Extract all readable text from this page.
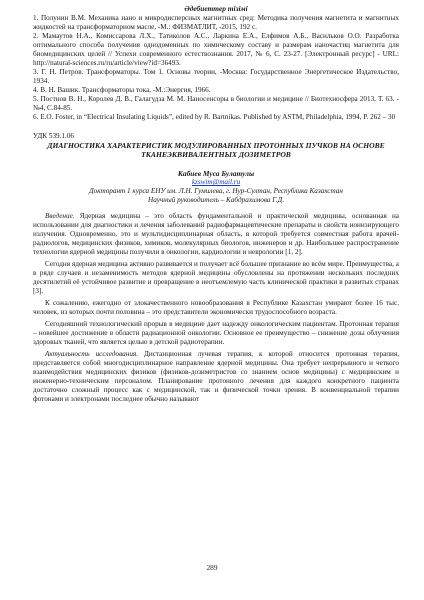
Әдебиеттер тізімі

1. Полунин В.М. Механика нано и микродисперсных магнитных сред: Методика получения магнетита и магнитных жидкостей на трансформаторном масле, -М.: ФИЗМАТЛИТ, -2015, 192 с.

2. Мамаутов Н.А., Комиссарова Л.Х., Татиколов А.С., Ларкина Е.А., Елфимов А.Б., Васильков О.О. Разработка оптимального способа получения однодоменных по химическому составу и размерам наночастиц магнетита для биомедицинских целей // Успехи современного естествознания. 2017, № 6, С. 23-27. [Электронный ресурс] - URL: http://natural-sciences.ru/ru/article/view?id=36493.

3. Г. Н. Петров. Трансформаторы. Том 1. Основы теории, -Москва: Государственное Энергетическое Издательство, 1934.

4. В. Н. Вашик. Трансформаторы тока, -М.:Энергия, 1966.

5. Постнов В. Н., Королев Д. В., Галагудза М. М. Наносенсоры в биологии и медицине // Биотехносфера 2013, Т. 63. -№4, С.84-85.

6. E.O. Foster, in “Electrical Insulating Liquids”, edited by R. Bartnikas. Published by ASTM, Philadelphia, 1994, P. 262 – 30

УДК 539.1.06
ДИАГНОСТИКА ХАРАКТЕРИСТИК МОДУЛИРОВАННЫХ ПРОТОННЫХ ПУЧКОВ НА ОСНОВЕ ТКАНЕЭКВИВАЛЕНТНЫХ ДОЗИМЕТРОВ
Кабиев Муса Булатулы
kzswim@mail.ru
Докторант 1 курса ЕНУ им. Л.Н. Гумилева, г. Нур-Султан, Республика Казахстан
Научный руководитель – Кабдрахимова Г.Д.

Введение. Ядерная медицина – это область фундаментальной и практической медицины, основанная на использовании для диагностики и лечения заболеваний радиофармацевтические препараты и свойств ионизирующего излучения. Одновременно, это и мультидисциплинарная область, в которой требуется совместная работа врачей-радиологов, медицинских физиков, химиков, молекулярных биологов, инженеров и др. Наибольшее распространение технологии ядерной медицины получили в онкологии, кардиологии и неврологии [1, 2].

Сегодня ядерная медицина активно развивается и получает всё большее признание во всём мире. Преимущества, а в ряде случаев и незаменимость методов ядерной медицины обусловлены на протяжении нескольких последних десятилетий её устойчивое развитие и превращение в неотъемлемую часть клинической практики в развитых странах [3].

К сожалению, ежегодно от злокачественного новообразования в Республике Казахстан умирают более 16 тыс. человек, из которых почти половина – это представители экономически трудоспособного возраста.

Сегодняшний технологический прорыв в медицине дает надежду онкологическим пациентам. Протонная терапия – новейшее достижение в области радиационной онкологии. Основное ее преимущество – снижение дозы облучения здоровых тканей, что является целью в детской радиотерапии.

Актуальность исследования. Дистанционная лучевая терапия, к которой относится протонная терапия, представляется собой многодисциплинарное направление ядерной медицины. Она требует непрерывного и четкого взаимодействия медицинских физиков (физиков-дозиметристов со знанием основ медицины) с медицинским и инженерно-техническим персоналом. Планирование протонного лечения для каждого конкретного пациента достаточно сложный процесс как с медицинской, так и физической точки зрения. В конвенциальной терапии фотонами и электронами последнее обычно называют

289
